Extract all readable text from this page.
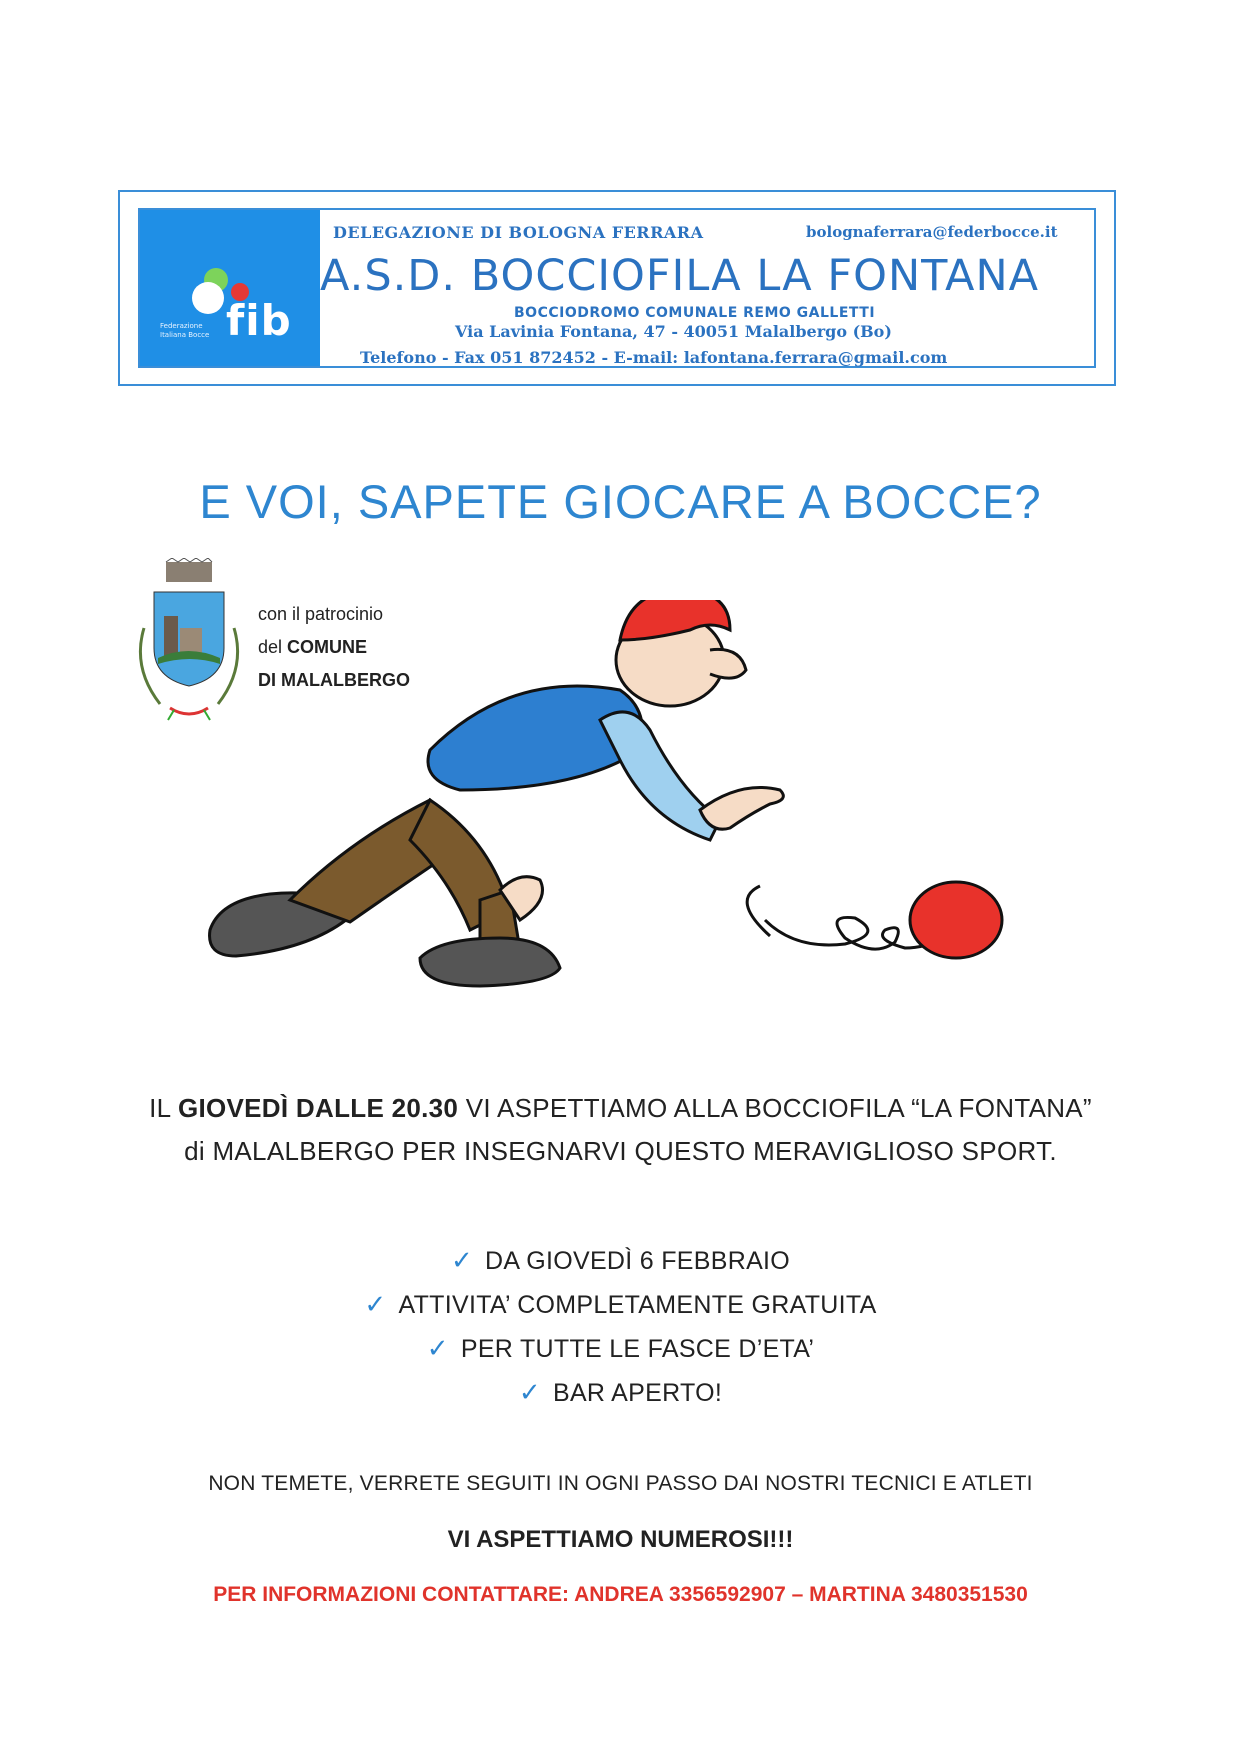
fib
Federazione Italiana Bocce
DELEGAZIONE DI BOLOGNA FERRARA	bolognaferrara@federbocce.it
A.S.D. BOCCIOFILA LA FONTANA
BOCCIODROMO COMUNALE REMO GALLETTI
Via Lavinia Fontana, 47 - 40051 Malalbergo (Bo)
Telefono - Fax 051 872452 - E-mail: lafontana.ferrara@gmail.com
E VOI, SAPETE GIOCARE A BOCCE?
con il patrocinio
del COMUNE
DI MALALBERGO
IL GIOVEDÌ DALLE 20.30 VI ASPETTIAMO ALLA BOCCIOFILA “LA FONTANA”
di MALALBERGO PER INSEGNARVI QUESTO MERAVIGLIOSO SPORT.
✓ DA GIOVEDÌ 6 FEBBRAIO
✓ ATTIVITA’ COMPLETAMENTE GRATUITA
✓ PER TUTTE LE FASCE D’ETA’
✓ BAR APERTO!
NON TEMETE, VERRETE SEGUITI IN OGNI PASSO DAI NOSTRI TECNICI E ATLETI
VI ASPETTIAMO NUMEROSI!!!
PER INFORMAZIONI CONTATTARE: ANDREA 3356592907 – MARTINA 3480351530
